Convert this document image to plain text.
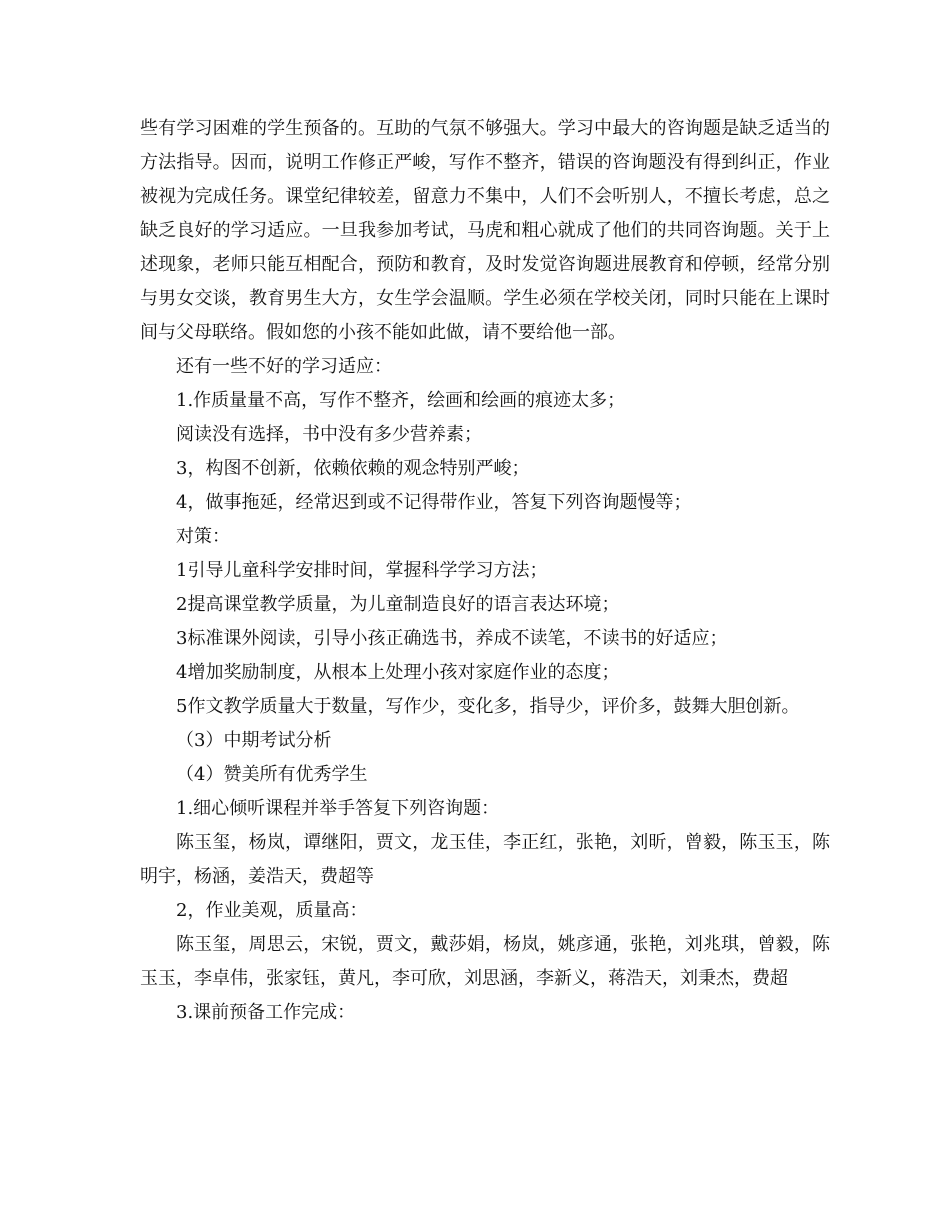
些有学习困难的学生预备的。互助的气氛不够强大。学习中最大的咨询题是缺乏适当的方法指导。因而，说明工作修正严峻，写作不整齐，错误的咨询题没有得到纠正，作业被视为完成任务。课堂纪律较差，留意力不集中，人们不会听别人，不擅长考虑，总之缺乏良好的学习适应。一旦我参加考试，马虎和粗心就成了他们的共同咨询题。关于上述现象，老师只能互相配合，预防和教育，及时发觉咨询题进展教育和停顿，经常分别与男女交谈，教育男生大方，女生学会温顺。学生必须在学校关闭，同时只能在上课时间与父母联络。假如您的小孩不能如此做，请不要给他一部。

还有一些不好的学习适应：

1.作质量量不高，写作不整齐，绘画和绘画的痕迹太多；

阅读没有选择，书中没有多少营养素；

3，构图不创新，依赖依赖的观念特别严峻；

4，做事拖延，经常迟到或不记得带作业，答复下列咨询题慢等；

对策：

1引导儿童科学安排时间，掌握科学学习方法；

2提高课堂教学质量，为儿童制造良好的语言表达环境；

3标准课外阅读，引导小孩正确选书，养成不读笔，不读书的好适应；

4增加奖励制度，从根本上处理小孩对家庭作业的态度；

5作文教学质量大于数量，写作少，变化多，指导少，评价多，鼓舞大胆创新。

（3）中期考试分析

（4）赞美所有优秀学生

1.细心倾听课程并举手答复下列咨询题：

陈玉玺，杨岚，谭继阳，贾文，龙玉佳，李正红，张艳，刘昕，曾毅，陈玉玉，陈明宇，杨涵，姜浩天，费超等

2，作业美观，质量高：

陈玉玺，周思云，宋锐，贾文，戴莎娟，杨岚，姚彦通，张艳，刘兆琪，曾毅，陈玉玉，李卓伟，张家钰，黄凡，李可欣，刘思涵，李新义，蒋浩天，刘秉杰，费超

3.课前预备工作完成：
